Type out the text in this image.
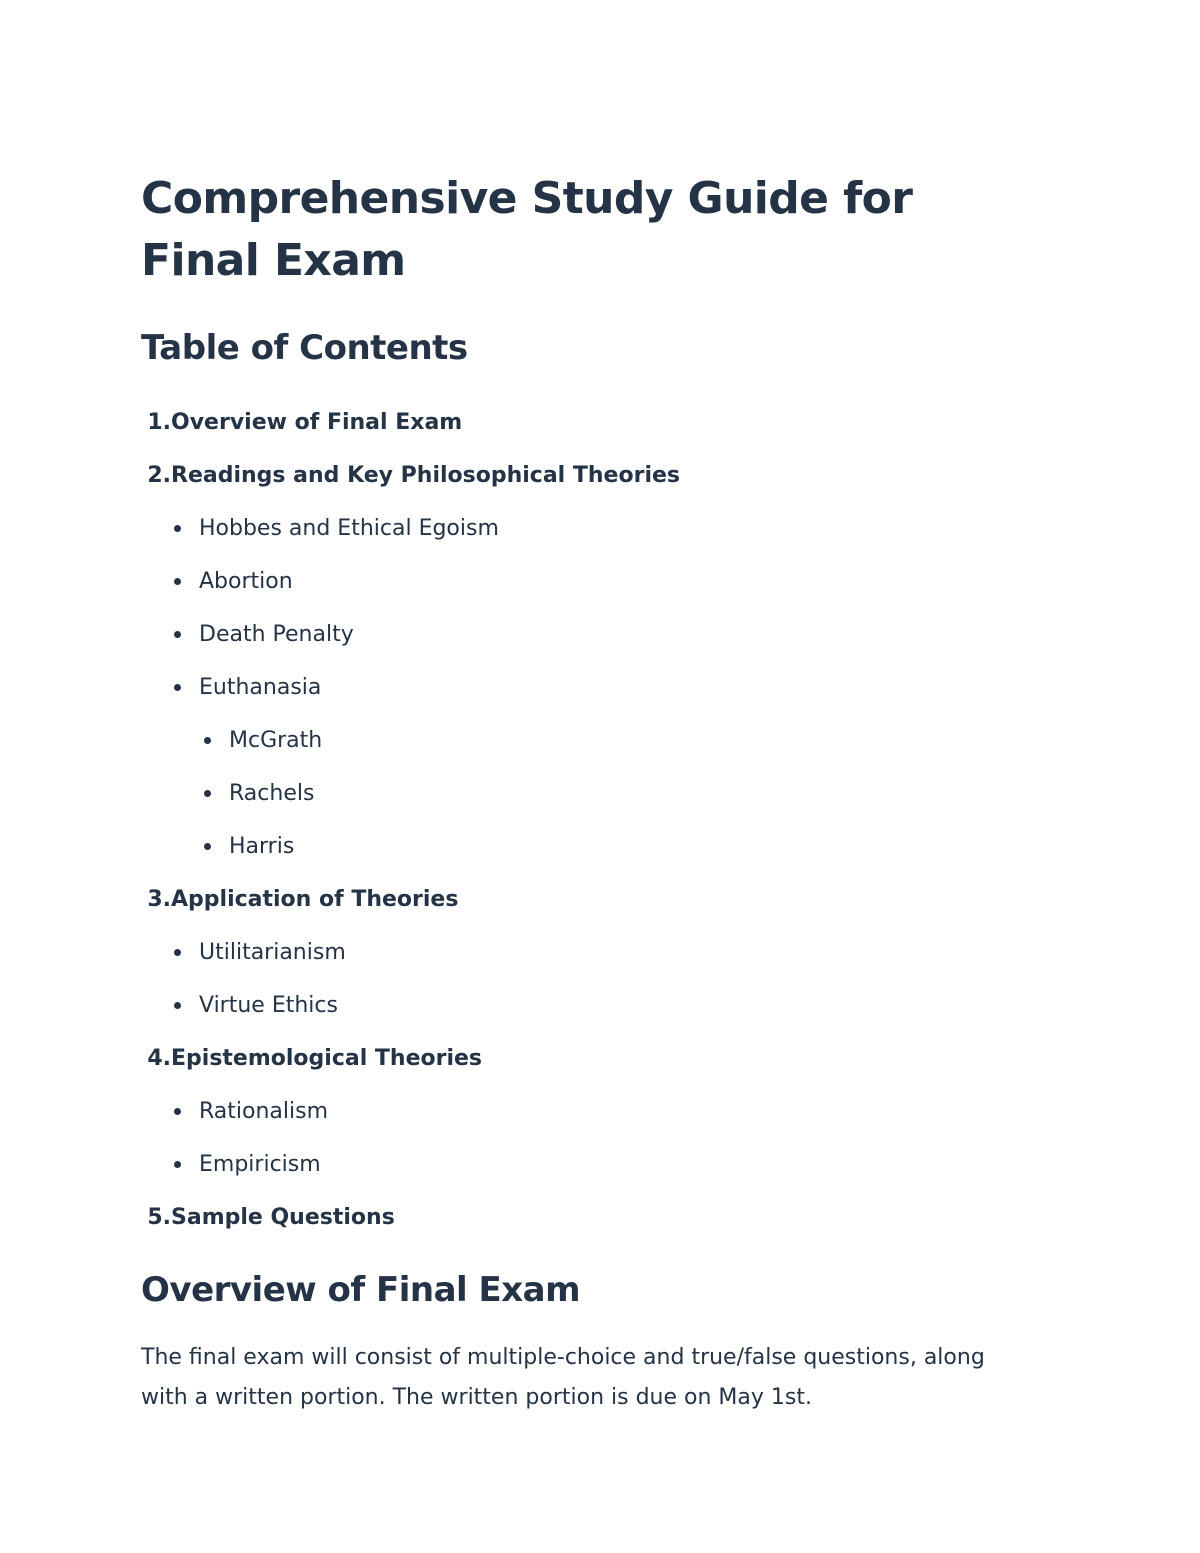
Comprehensive Study Guide for Final Exam
Table of Contents
1. Overview of Final Exam
2. Readings and Key Philosophical Theories
Hobbes and Ethical Egoism
Abortion
Death Penalty
Euthanasia
McGrath
Rachels
Harris
3. Application of Theories
Utilitarianism
Virtue Ethics
4. Epistemological Theories
Rationalism
Empiricism
5. Sample Questions
Overview of Final Exam

The final exam will consist of multiple-choice and true/false questions, along with a written portion. The written portion is due on May 1st.
